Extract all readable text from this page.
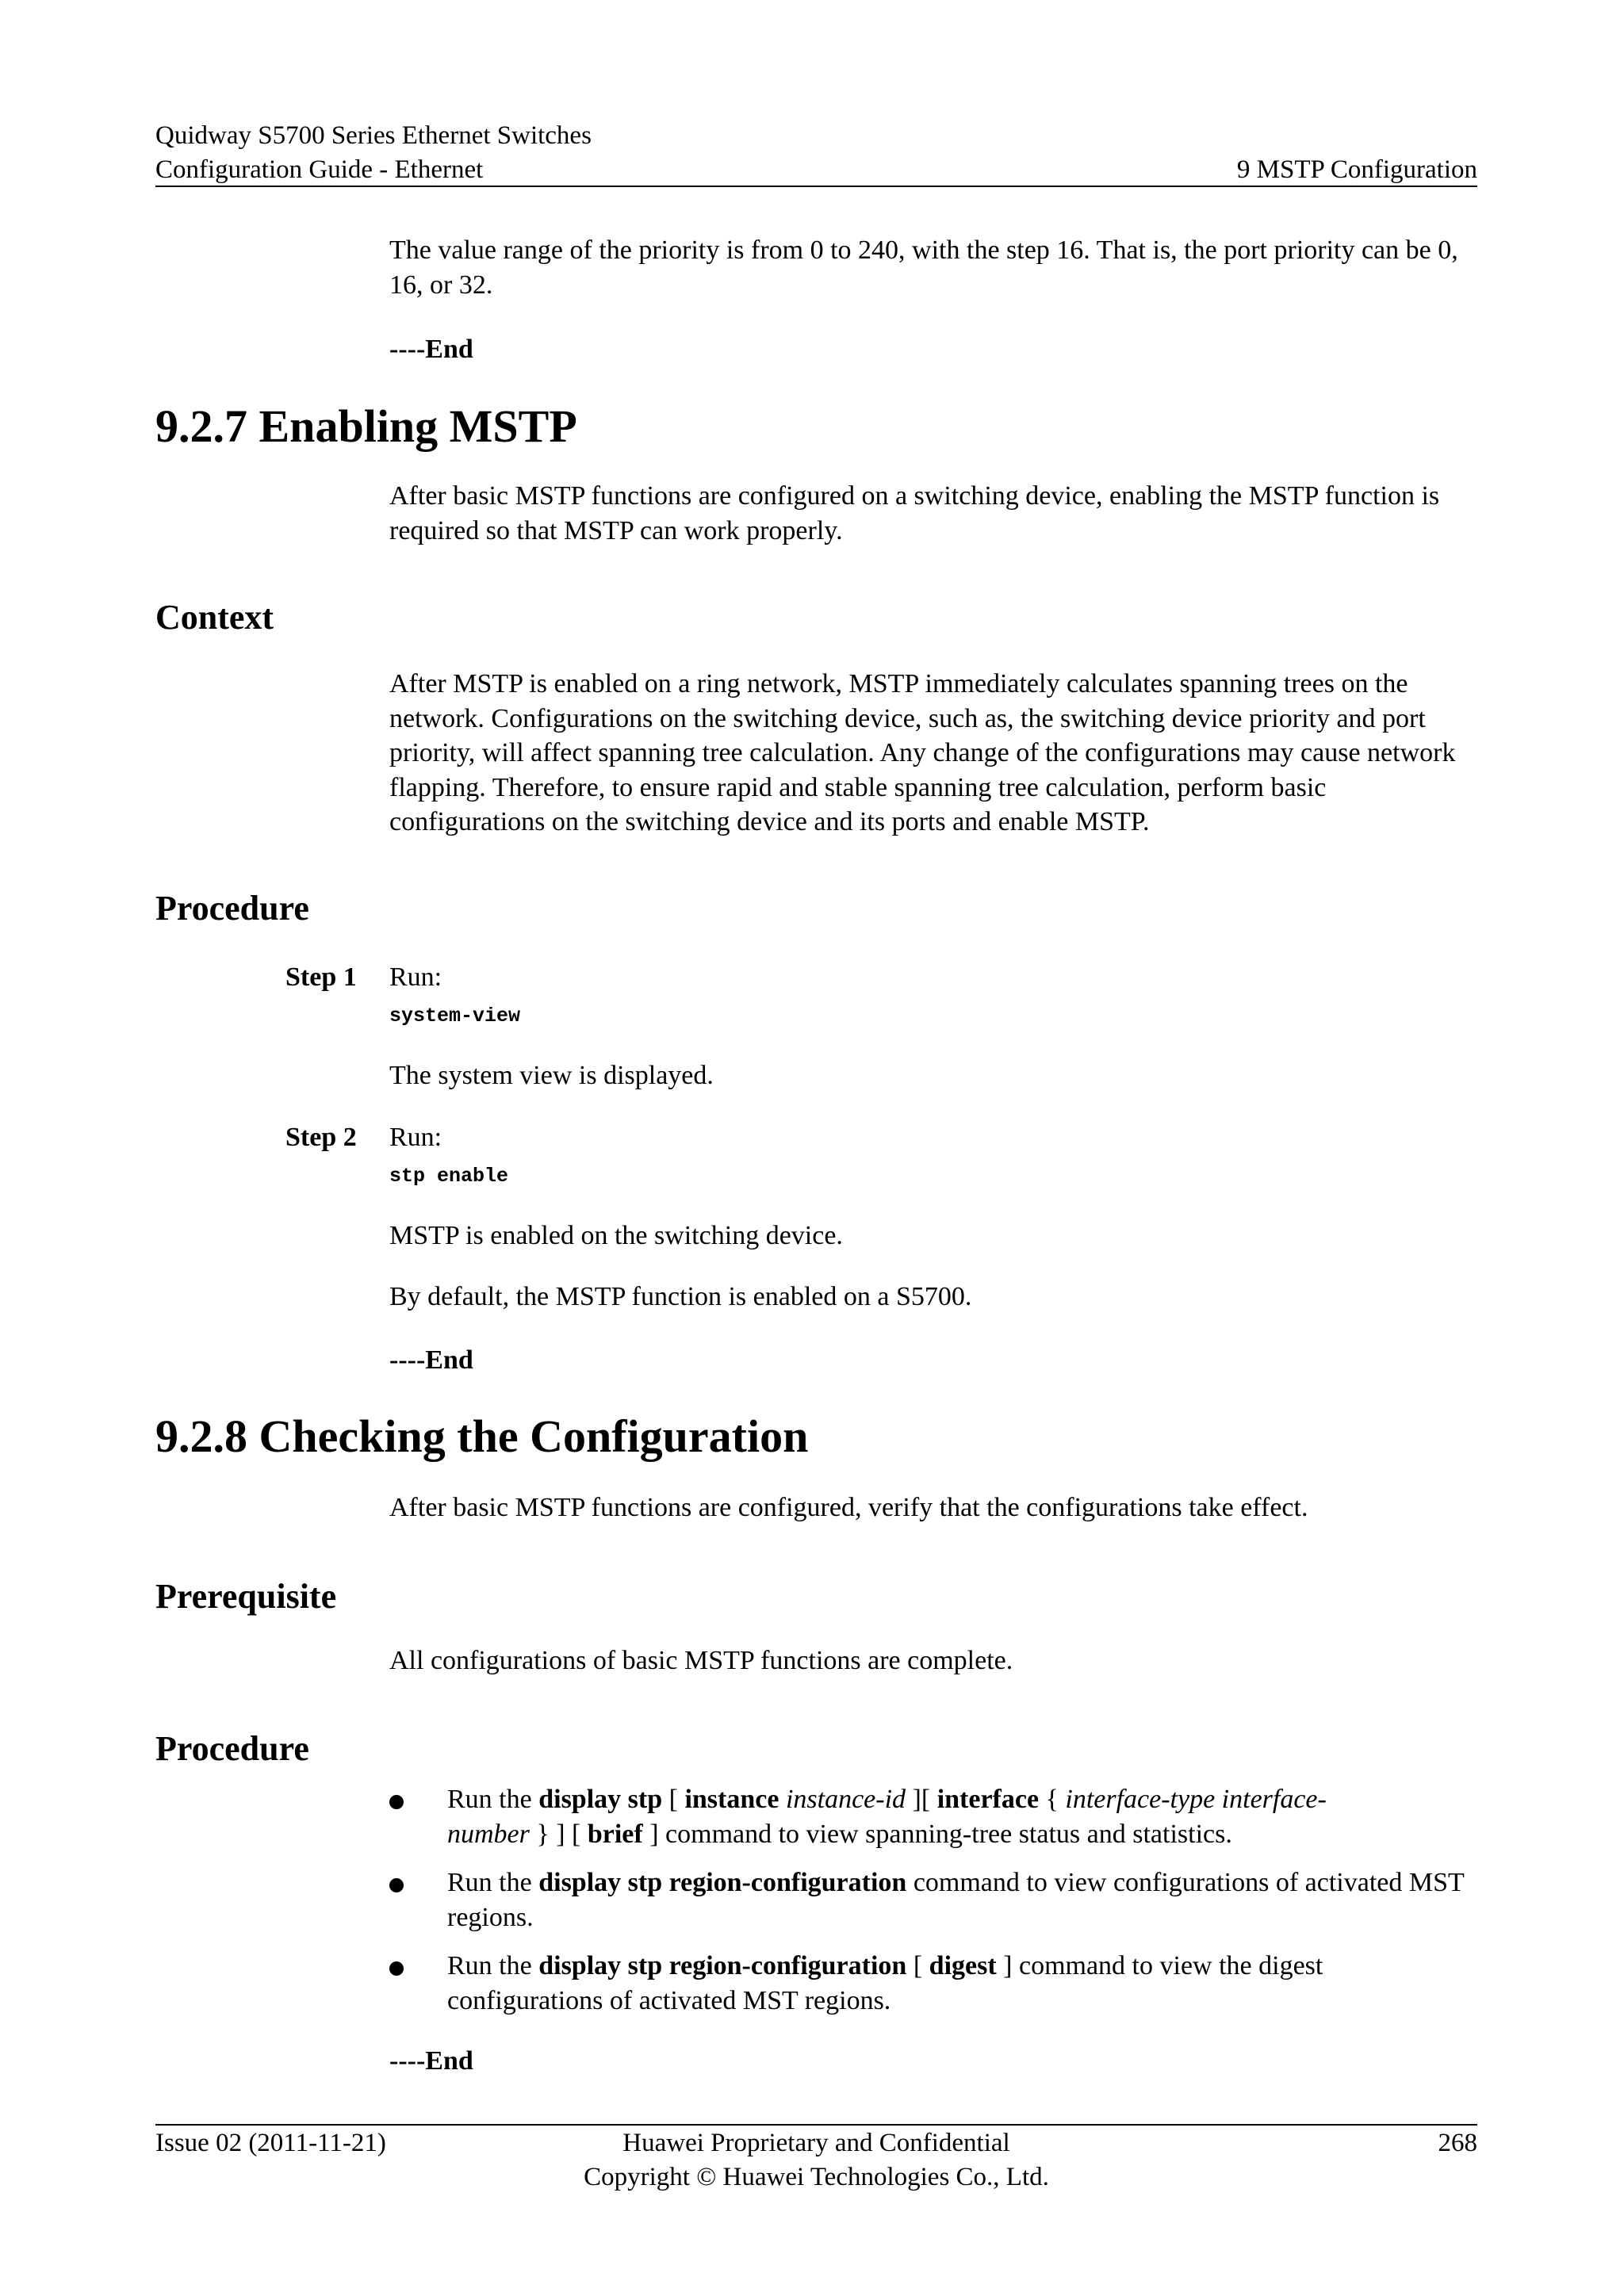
Quidway S5700 Series Ethernet Switches
Configuration Guide - Ethernet	9 MSTP Configuration

The value range of the priority is from 0 to 240, with the step 16. That is, the port priority can be 0, 16, or 32.

----End

9.2.7 Enabling MSTP

After basic MSTP functions are configured on a switching device, enabling the MSTP function is required so that MSTP can work properly.

Context

After MSTP is enabled on a ring network, MSTP immediately calculates spanning trees on the network. Configurations on the switching device, such as, the switching device priority and port priority, will affect spanning tree calculation. Any change of the configurations may cause network flapping. Therefore, to ensure rapid and stable spanning tree calculation, perform basic configurations on the switching device and its ports and enable MSTP.

Procedure
Step 1 Run:

system-view

The system view is displayed.

Step 2 Run:

stp enable

MSTP is enabled on the switching device.

By default, the MSTP function is enabled on a S5700.

----End

9.2.8 Checking the Configuration

After basic MSTP functions are configured, verify that the configurations take effect.

Prerequisite

All configurations of basic MSTP functions are complete.

Procedure

Run the display stp [ instance instance-id ][ interface { interface-type interface-
number } ] [ brief ] command to view spanning-tree status and statistics.

Run the display stp region-configuration command to view configurations of activated MST regions.

Run the display stp region-configuration [ digest ] command to view the digest configurations of activated MST regions.

----End

Issue 02 (2011-11-21)	268
Huawei Proprietary and Confidential
Copyright © Huawei Technologies Co., Ltd.
